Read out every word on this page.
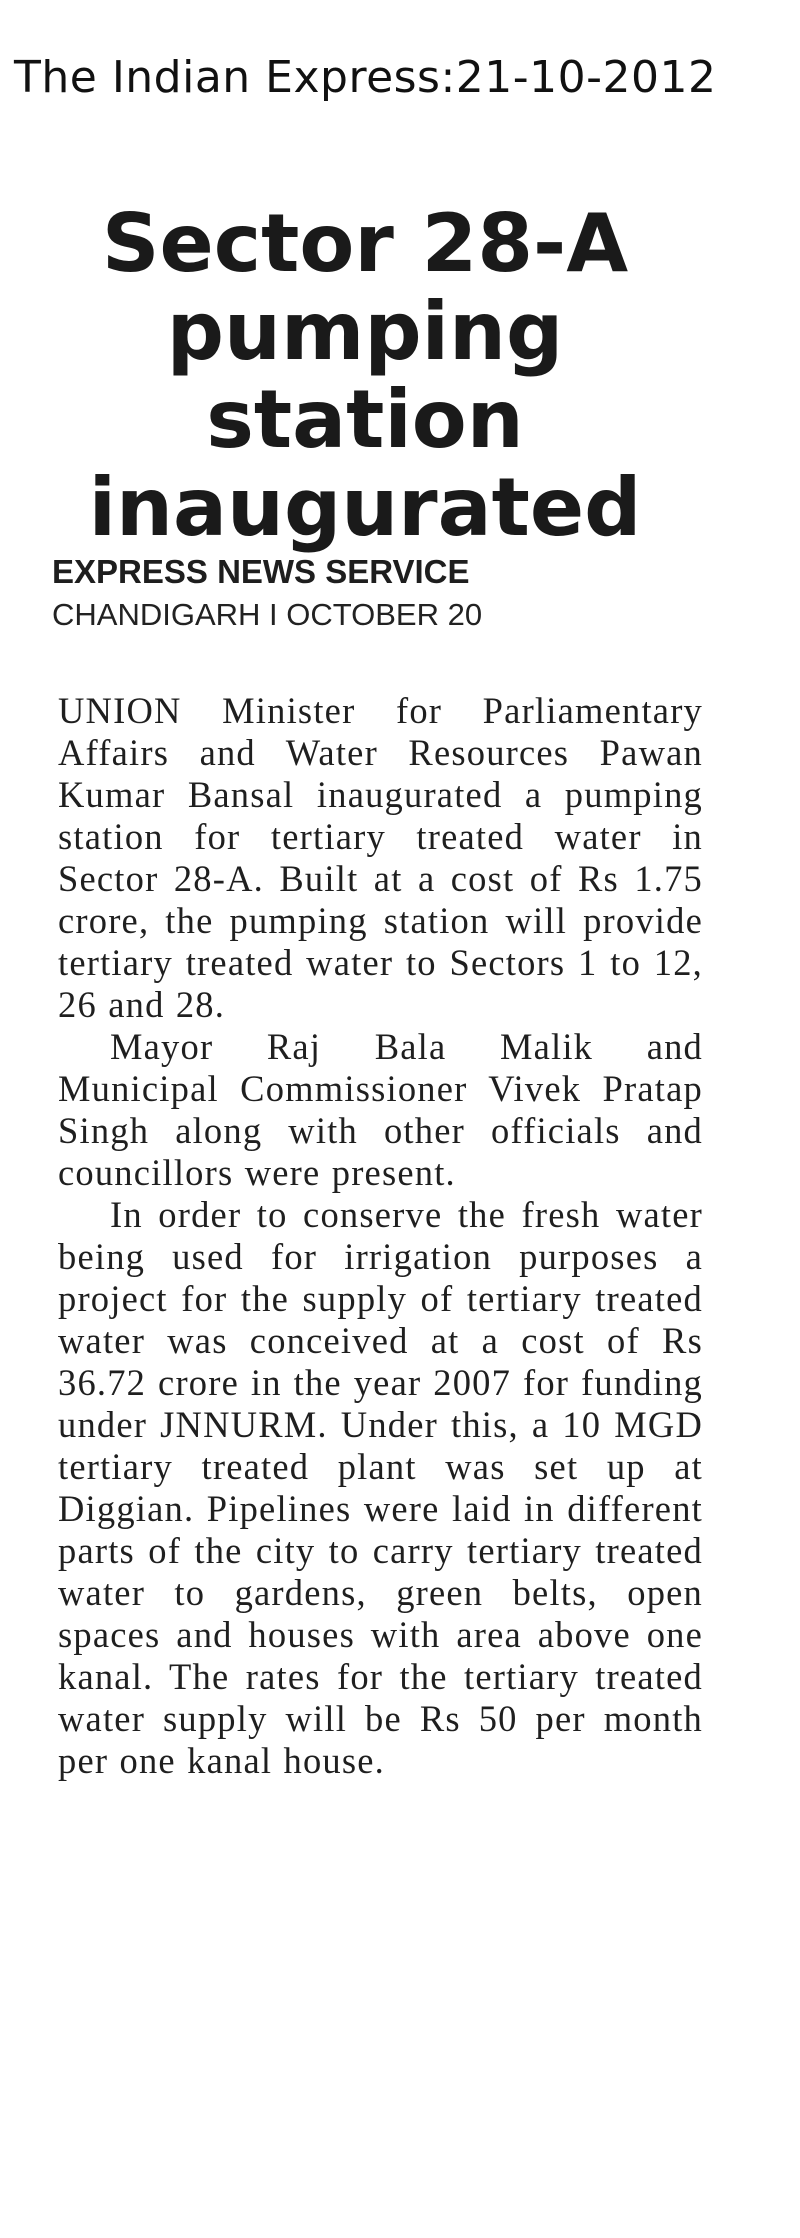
The Indian Express:21-10-2012
Sector 28-A pumping station inaugurated
EXPRESS NEWS SERVICE
CHANDIGARH I OCTOBER 20

UNION Minister for Parliamentary Affairs and Water Resources Pawan Kumar Bansal inaugurated a pumping station for tertiary treated water in Sector 28-A. Built at a cost of Rs 1.75 crore, the pumping station will provide tertiary treated water to Sectors 1 to 12, 26 and 28.

Mayor Raj Bala Malik and Municipal Commissioner Vivek Pratap Singh along with other officials and councillors were present.

In order to conserve the fresh water being used for irrigation purposes a project for the supply of tertiary treated water was conceived at a cost of Rs 36.72 crore in the year 2007 for funding under JNNURM. Under this, a 10 MGD tertiary treated plant was set up at Diggian. Pipelines were laid in different parts of the city to carry tertiary treated water to gardens, green belts, open spaces and houses with area above one kanal. The rates for the tertiary treated water supply will be Rs 50 per month per one kanal house.
